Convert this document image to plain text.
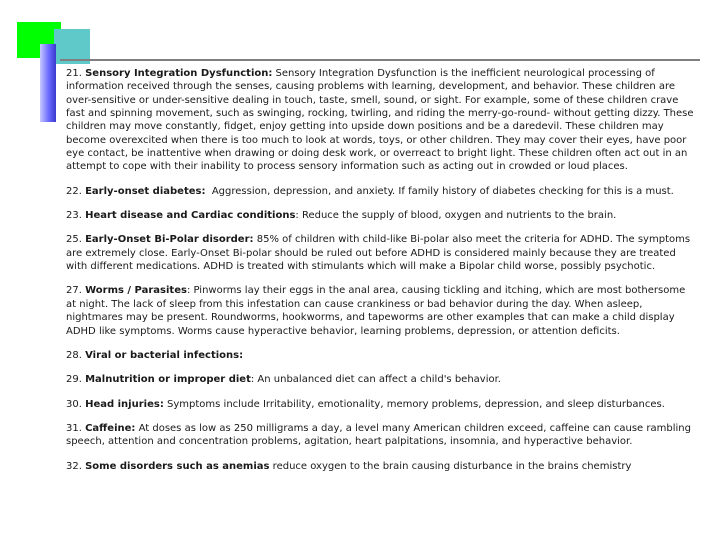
21. Sensory Integration Dysfunction: Sensory Integration Dysfunction is the inefficient neurological processing of information received through the senses, causing problems with learning, development, and behavior. These children are over-sensitive or under-sensitive dealing in touch, taste, smell, sound, or sight. For example, some of these children crave fast and spinning movement, such as swinging, rocking, twirling, and riding the merry-go-round- without getting dizzy. These children may move constantly, fidget, enjoy getting into upside down positions and be a daredevil. These children may become overexcited when there is too much to look at words, toys, or other children. They may cover their eyes, have poor eye contact, be inattentive when drawing or doing desk work, or overreact to bright light. These children often act out in an attempt to cope with their inability to process sensory information such as acting out in crowded or loud places.

22. Early-onset diabetes: Aggression, depression, and anxiety. If family history of diabetes checking for this is a must.

23. Heart disease and Cardiac conditions: Reduce the supply of blood, oxygen and nutrients to the brain.

25. Early-Onset Bi-Polar disorder: 85% of children with child-like Bi-polar also meet the criteria for ADHD. The symptoms are extremely close. Early-Onset Bi-polar should be ruled out before ADHD is considered mainly because they are treated with different medications. ADHD is treated with stimulants which will make a Bipolar child worse, possibly psychotic.

27. Worms / Parasites: Pinworms lay their eggs in the anal area, causing tickling and itching, which are most bothersome at night. The lack of sleep from this infestation can cause crankiness or bad behavior during the day. When asleep, nightmares may be present. Roundworms, hookworms, and tapeworms are other examples that can make a child display ADHD like symptoms. Worms cause hyperactive behavior, learning problems, depression, or attention deficits.

28. Viral or bacterial infections:

29. Malnutrition or improper diet: An unbalanced diet can affect a child's behavior.

30. Head injuries: Symptoms include Irritability, emotionality, memory problems, depression, and sleep disturbances.

31. Caffeine: At doses as low as 250 milligrams a day, a level many American children exceed, caffeine can cause rambling speech, attention and concentration problems, agitation, heart palpitations, insomnia, and hyperactive behavior.

32. Some disorders such as anemias reduce oxygen to the brain causing disturbance in the brains chemistry
